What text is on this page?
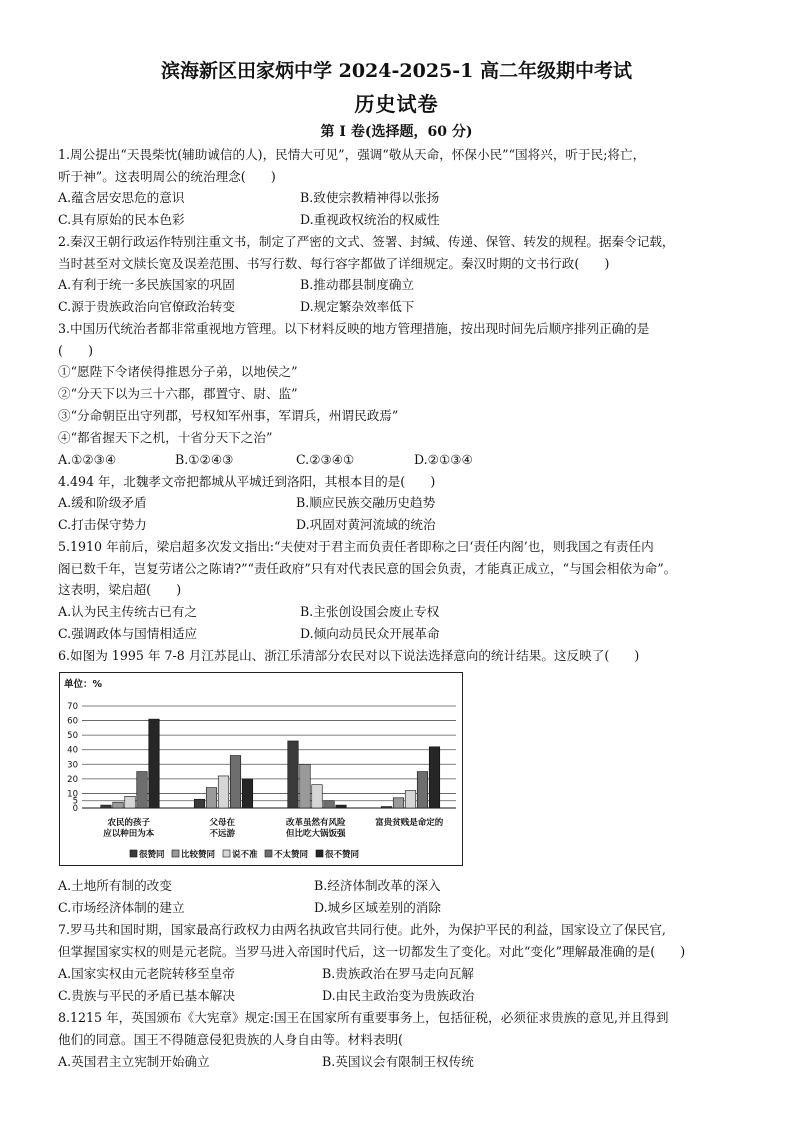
滨海新区田家炳中学 2024-2025-1 高二年级期中考试
历史试卷
第 I 卷(选择题，60 分)
1.周公提出“天畏柴忱(辅助诚信的人)，民情大可见”，强调“敬从天命，怀保小民”“国将兴，听于民;将亡，
听于神”。这表明周公的统治理念(　　)
A.蕴含居安思危的意识	B.致使宗教精神得以张扬
C.具有原始的民本色彩	D.重视政权统治的权威性
2.秦汉王朝行政运作特别注重文书，制定了严密的文式、签署、封缄、传递、保管、转发的规程。据秦令记载，
当时甚至对文牍长宽及误差范围、书写行数、每行容字都做了详细规定。秦汉时期的文书行政(　　)
A.有利于统一多民族国家的巩固	B.推动郡县制度确立
C.源于贵族政治向官僚政治转变	D.规定繁杂效率低下
3.中国历代统治者都非常重视地方管理。以下材料反映的地方管理措施，按出现时间先后顺序排列正确的是
(　　)
①“愿陛下令诸侯得推恩分子弟，以地侯之”
②“分天下以为三十六郡，郡置守、尉、监”
③“分命朝臣出守列郡，号权知军州事，军谓兵，州谓民政焉”
④“都省握天下之机，十省分天下之治”
A.①②③④	B.①②④③	C.②③④①	D.②①③④
4.494 年，北魏孝文帝把都城从平城迁到洛阳，其根本目的是(　　)
A.缓和阶级矛盾	B.顺应民族交融历史趋势
C.打击保守势力	D.巩固对黄河流域的统治
5.1910 年前后，梁启超多次发文指出:“夫使对于君主而负责任者即称之曰‘责任内阁’也，则我国之有责任内
阁已数千年，岂复劳诸公之陈请?”“责任政府”只有对代表民意的国会负责，才能真正成立，“与国会相依为命”。
这表明，梁启超(　　)
A.认为民主传统古已有之	B.主张创设国会废止专权
C.强调政体与国情相适应	D.倾向动员民众开展革命
6.如图为 1995 年 7-8 月江苏昆山、浙江乐清部分农民对以下说法选择意向的统计结果。这反映了(　　)
单位：%
0
5
10
20
30
40
50
60
70
农民的孩子
应以种田为本
父母在
不远游
改革虽然有风险
但比吃大锅饭强
富贵贫贱是命定的
很赞同 比较赞同 说不准 不太赞同 很不赞同
A.土地所有制的改变	B.经济体制改革的深入
C.市场经济体制的建立	D.城乡区域差别的消除
7.罗马共和国时期，国家最高行政权力由两名执政官共同行使。此外，为保护平民的利益，国家设立了保民官,
但掌握国家实权的则是元老院。当罗马进入帝国时代后，这一切都发生了变化。对此“变化”理解最准确的是(　　)
A.国家实权由元老院转移至皇帝	B.贵族政治在罗马走向瓦解
C.贵族与平民的矛盾已基本解决	D.由民主政治变为贵族政治
8.1215 年，英国颁布《大宪章》规定:国王在国家所有重要事务上，包括征税，必须征求贵族的意见,并且得到
他们的同意。国王不得随意侵犯贵族的人身自由等。材料表明(
A.英国君主立宪制开始确立	B.英国议会有限制王权传统
